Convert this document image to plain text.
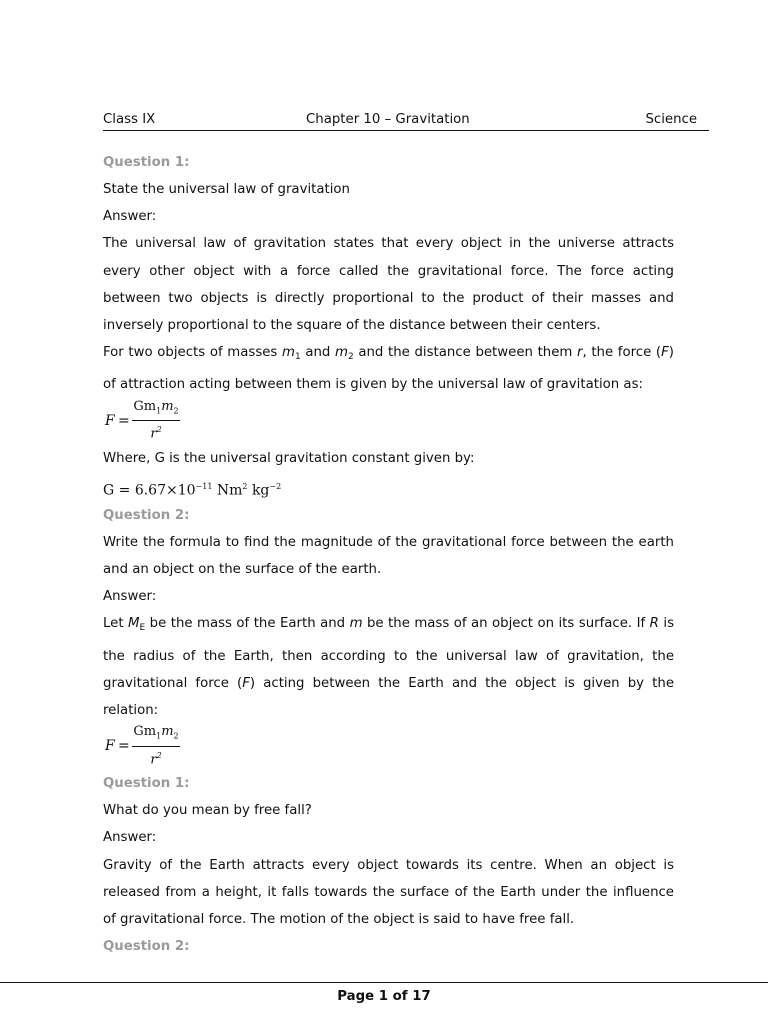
Class IX	Chapter 10 – Gravitation	Science

Question 1:

State the universal law of gravitation

Answer:

The universal law of gravitation states that every object in the universe attracts

every other object with a force called the gravitational force. The force acting

between two objects is directly proportional to the product of their masses and

inversely proportional to the square of the distance between their centers.

For two objects of masses $m_1$ and $m_2$ and the distance between them r, the force (F)

of attraction acting between them is given by the universal law of gravitation as:

$F = \frac{Gm_1m_2}{r^2}$

Where, G is the universal gravitation constant given by:

$G = 6.67\times 10^{-11}$ Nm$^2$ $kg^{-2}$

Question 2:

Write the formula to find the magnitude of the gravitational force between the earth

and an object on the surface of the earth.

Answer:

Let $M_E$ be the mass of the Earth and m be the mass of an object on its surface. If R is

the radius of the Earth, then according to the universal law of gravitation, the

gravitational force (F) acting between the Earth and the object is given by the

relation:

$F = \frac{Gm_1m_2}{r^2}$

Question 1:

What do you mean by free fall?

Answer:

Gravity of the Earth attracts every object towards its centre. When an object is

released from a height, it falls towards the surface of the Earth under the influence

of gravitational force. The motion of the object is said to have free fall.

Question 2:

Page 1 of 17
